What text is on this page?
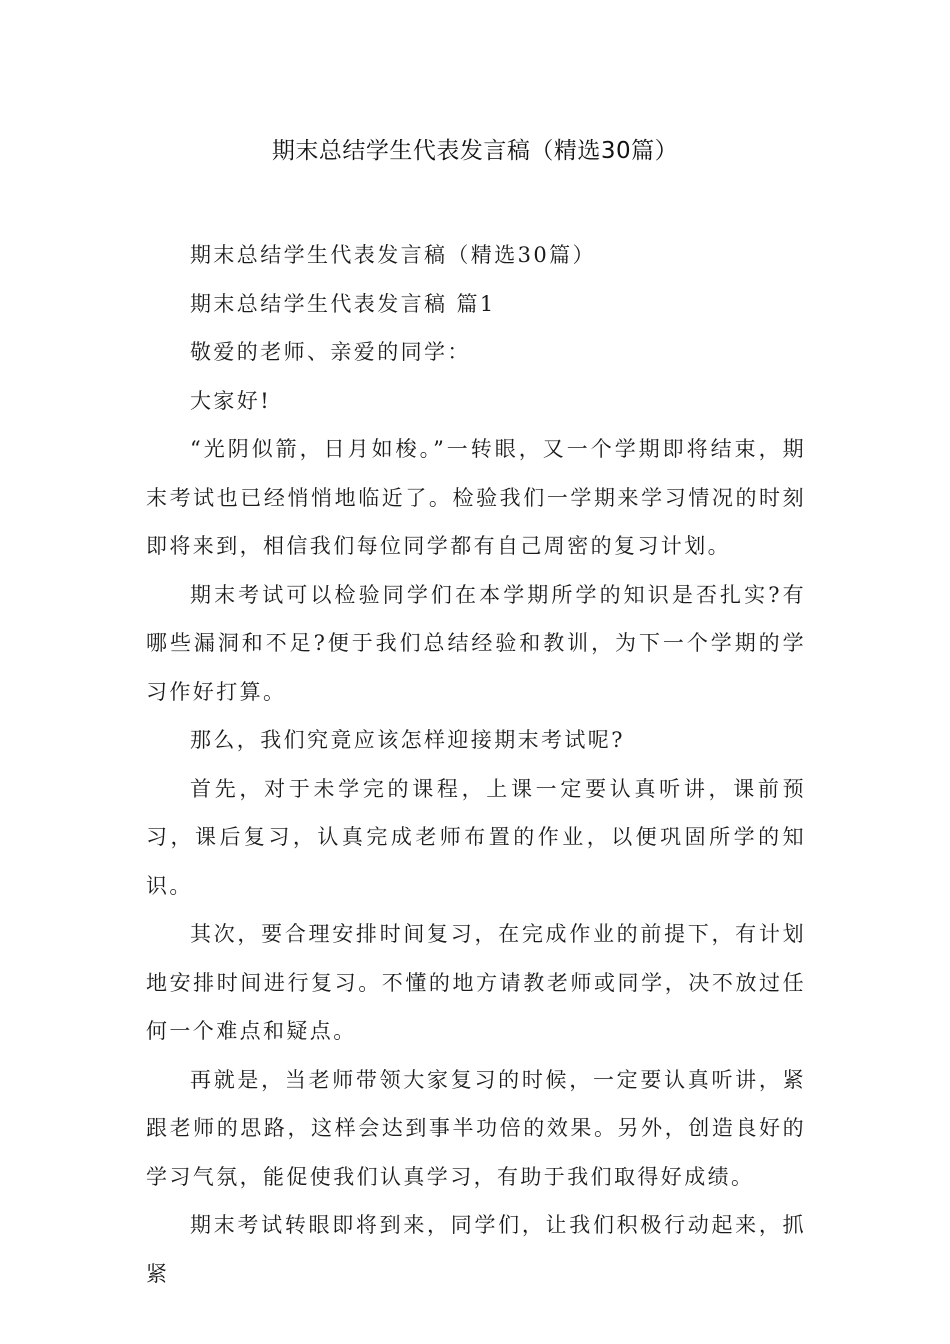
期末总结学生代表发言稿（精选30篇）

期末总结学生代表发言稿（精选30篇）

期末总结学生代表发言稿 篇1

敬爱的老师、亲爱的同学：

大家好!

“光阴似箭，日月如梭。”一转眼，又一个学期即将结束，期末考试也已经悄悄地临近了。检验我们一学期来学习情况的时刻即将来到，相信我们每位同学都有自己周密的复习计划。

期末考试可以检验同学们在本学期所学的知识是否扎实?有哪些漏洞和不足?便于我们总结经验和教训，为下一个学期的学习作好打算。

那么，我们究竟应该怎样迎接期末考试呢?

首先，对于未学完的课程，上课一定要认真听讲，课前预习，课后复习，认真完成老师布置的作业，以便巩固所学的知识。

其次，要合理安排时间复习，在完成作业的前提下，有计划地安排时间进行复习。不懂的地方请教老师或同学，决不放过任何一个难点和疑点。

再就是，当老师带领大家复习的时候，一定要认真听讲，紧跟老师的思路，这样会达到事半功倍的效果。另外，创造良好的学习气氛，能促使我们认真学习，有助于我们取得好成绩。

期末考试转眼即将到来，同学们，让我们积极行动起来，抓紧
